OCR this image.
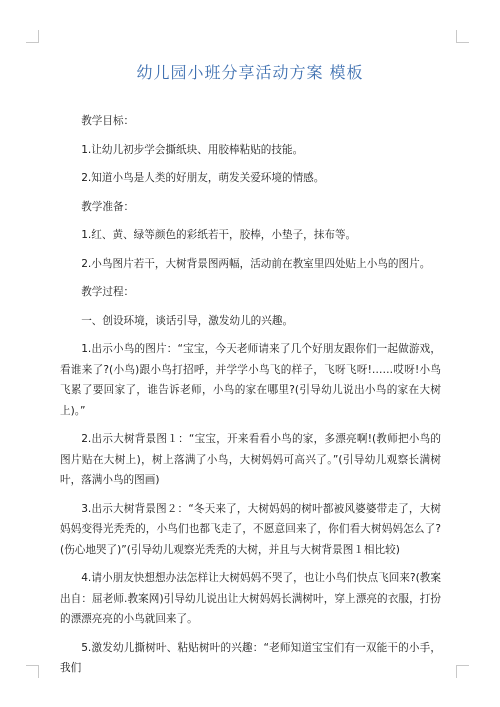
幼儿园小班分享活动方案 模板

教学目标：

1.让幼儿初步学会撕纸块、用胶棒粘贴的技能。

2.知道小鸟是人类的好朋友，萌发关爱环境的情感。

教学准备：

1.红、黄、绿等颜色的彩纸若干，胶棒，小垫子，抹布等。

2.小鸟图片若干，大树背景图两幅，活动前在教室里四处贴上小鸟的图片。

教学过程：

一、创设环境，谈话引导，激发幼儿的兴趣。

1.出示小鸟的图片：“宝宝，今天老师请来了几个好朋友跟你们一起做游戏，看谁来了?(小鸟)跟小鸟打招呼，并学学小鸟飞的样子，飞呀飞呀!……哎呀!小鸟飞累了要回家了，谁告诉老师，小鸟的家在哪里?(引导幼儿说出小鸟的家在大树上)。”

2.出示大树背景图１：“宝宝，开来看看小鸟的家，多漂亮啊!(教师把小鸟的图片贴在大树上)，树上落满了小鸟，大树妈妈可高兴了。”(引导幼儿观察长满树叶，落满小鸟的图画)

3.出示大树背景图２：“冬天来了，大树妈妈的树叶都被风婆婆带走了，大树妈妈变得光秃秃的，小鸟们也都飞走了，不愿意回来了，你们看大树妈妈怎么了?(伤心地哭了)”(引导幼儿观察光秃秃的大树，并且与大树背景图１相比较)

4.请小朋友快想想办法怎样让大树妈妈不哭了，也让小鸟们快点飞回来?(教案出自：屈老师.教案网)引导幼儿说出让大树妈妈长满树叶，穿上漂亮的衣服，打扮的漂漂亮亮的小鸟就回来了。

5.激发幼儿撕树叶、粘贴树叶的兴趣：“老师知道宝宝们有一双能干的小手，我们
